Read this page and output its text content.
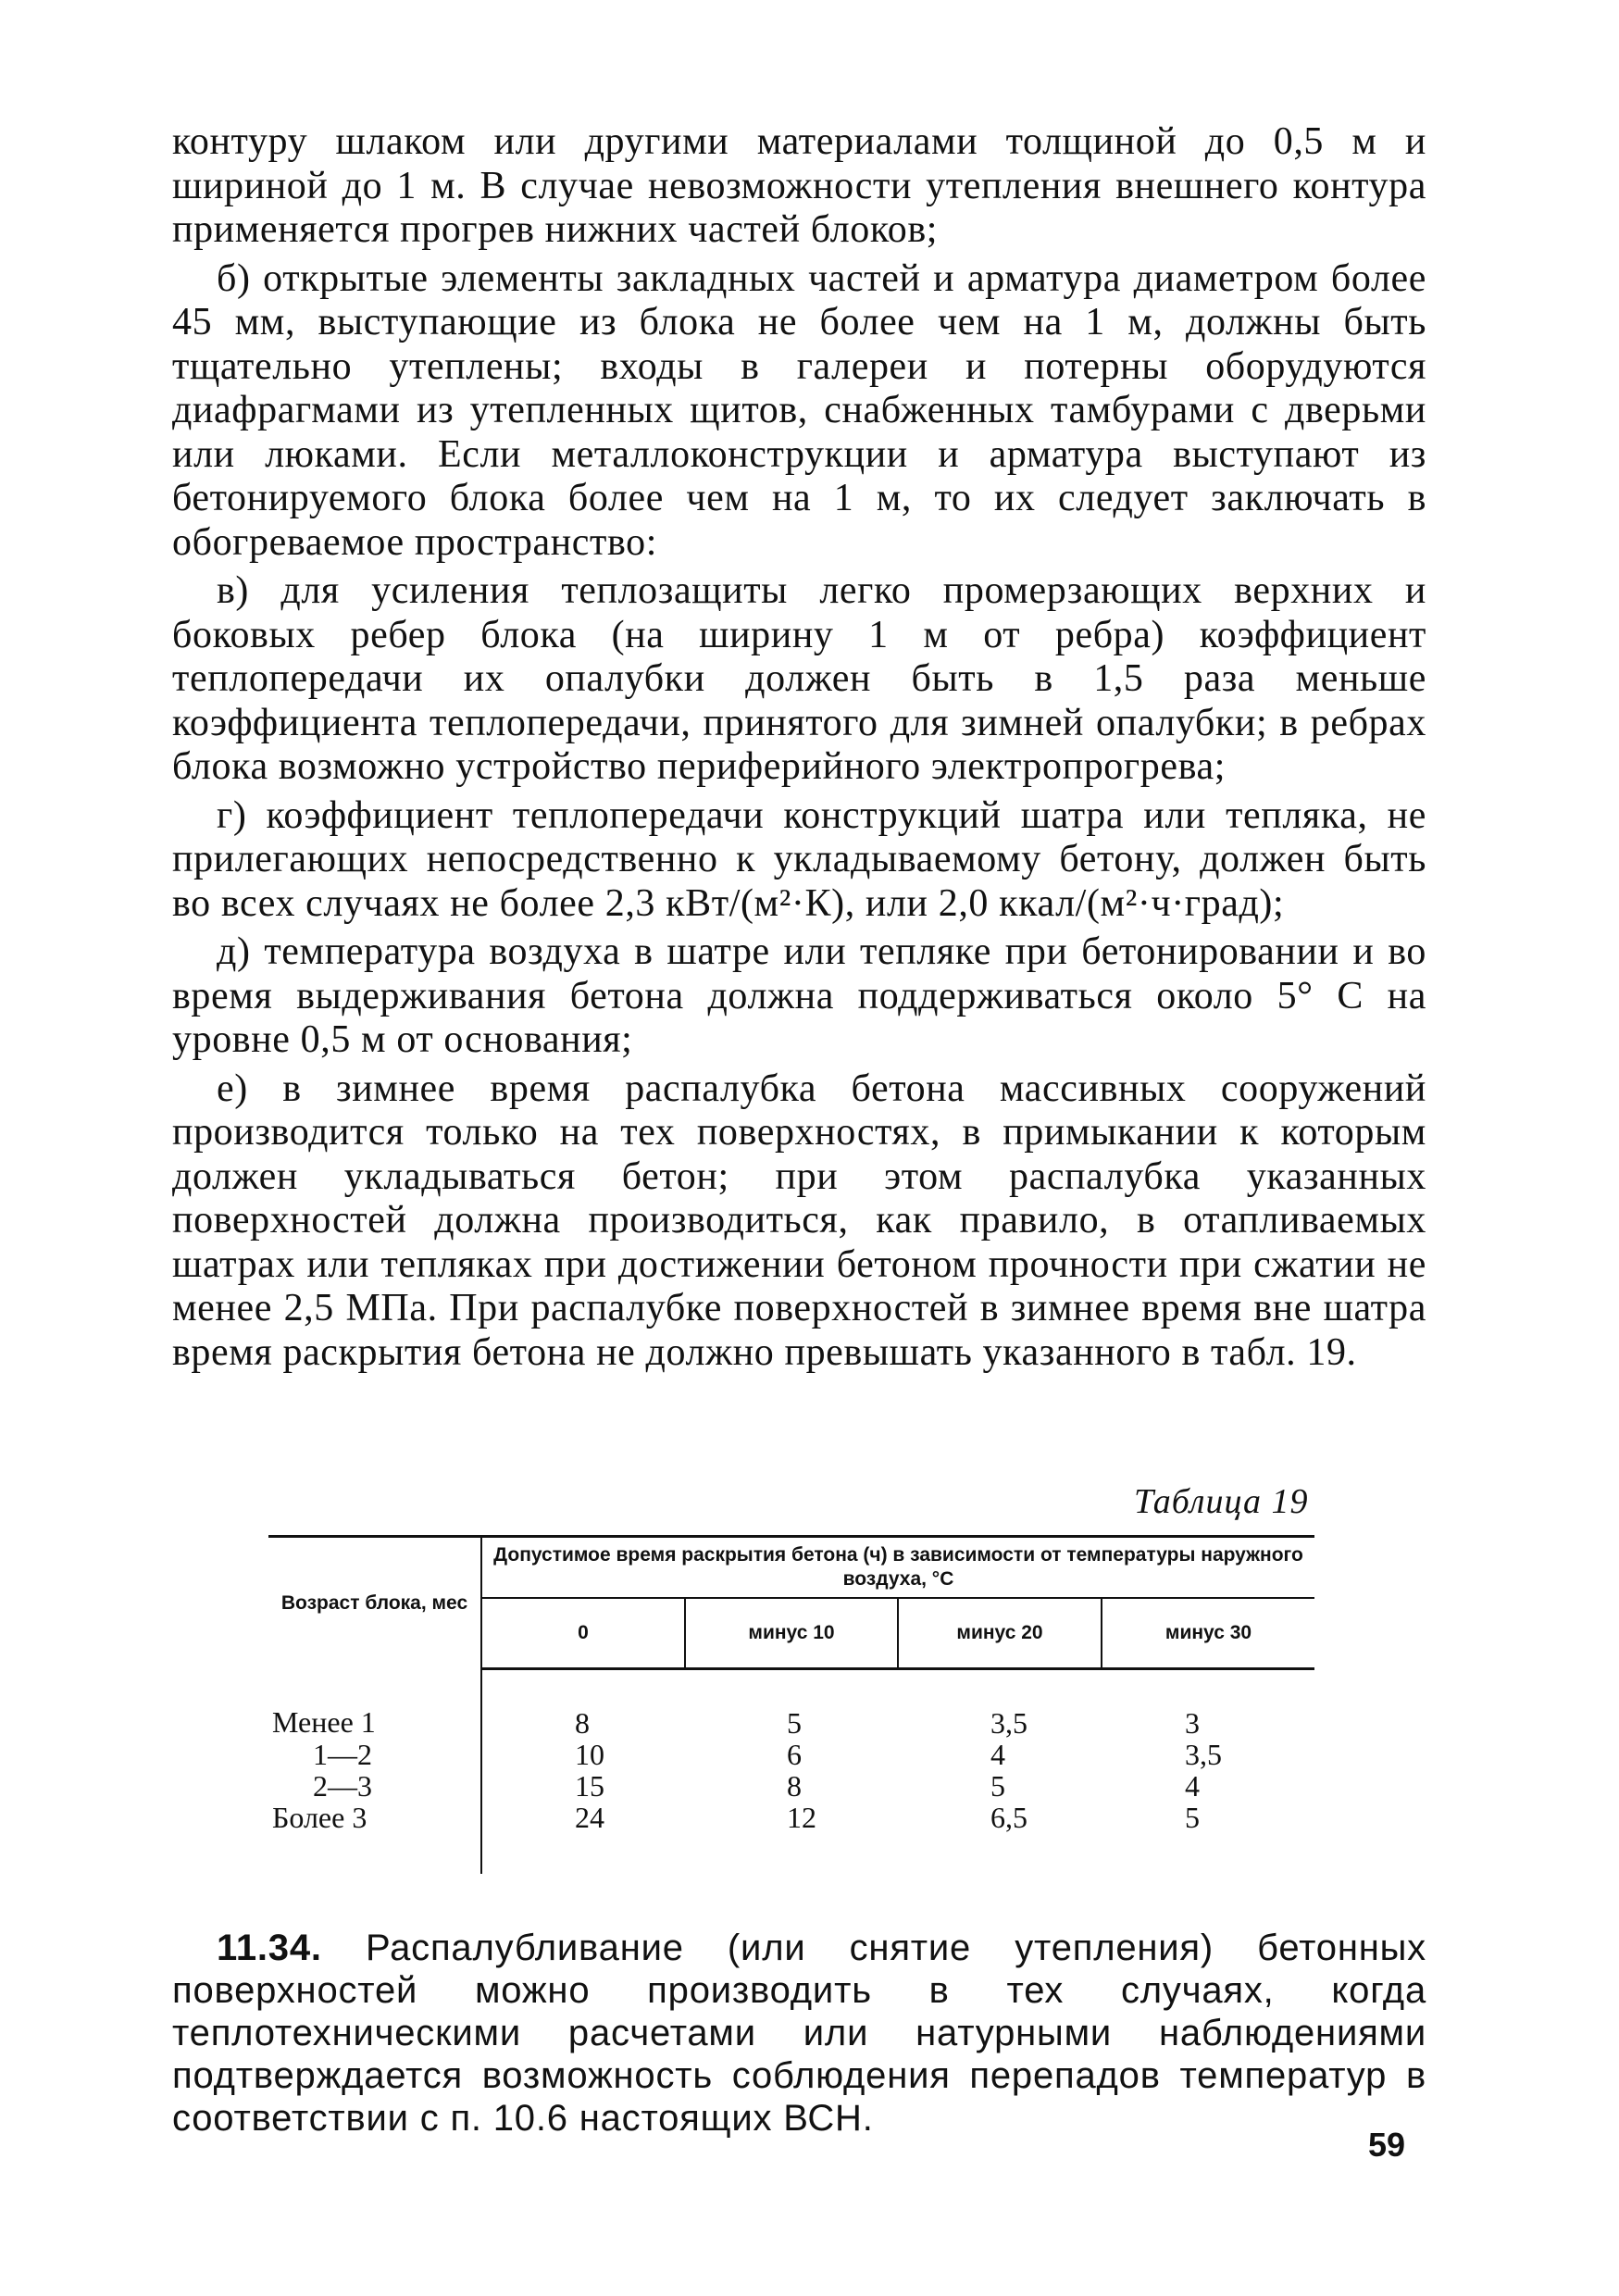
контуру шлаком или другими материалами толщиной до 0,5 м и шириной до 1 м. В случае невозможности утепления внешнего контура применяется прогрев нижних частей блоков;

б) открытые элементы закладных частей и арматура диаметром более 45 мм, выступающие из блока не более чем на 1 м, должны быть тщательно утеплены; входы в галереи и потерны оборудуются диафрагмами из утепленных щитов, снабженных тамбурами с дверьми или люками. Если металлоконструкции и арматура выступают из бетонируемого блока более чем на 1 м, то их следует заключать в обогреваемое пространство:

в) для усиления теплозащиты легко промерзающих верхних и боковых ребер блока (на ширину 1 м от ребра) коэффициент теплопередачи их опалубки должен быть в 1,5 раза меньше коэффициента теплопередачи, принятого для зимней опалубки; в ребрах блока возможно устройство периферийного электропрогрева;

г) коэффициент теплопередачи конструкций шатра или тепляка, не прилегающих непосредственно к укладываемому бетону, должен быть во всех случаях не более 2,3 кВт/(м²·К), или 2,0 ккал/(м²·ч·град);

д) температура воздуха в шатре или тепляке при бетонировании и во время выдерживания бетона должна поддерживаться около 5° С на уровне 0,5 м от основания;

е) в зимнее время распалубка бетона массивных сооружений производится только на тех поверхностях, в примыкании к которым должен укладываться бетон; при этом распалубка указанных поверхностей должна производиться, как правило, в отапливаемых шатрах или тепляках при достижении бетоном прочности при сжатии не менее 2,5 МПа. При распалубке поверхностей в зимнее время вне шатра время раскрытия бетона не должно превышать указанного в табл. 19.

Таблица 19
Возраст блока, мес	Допустимое время раскрытия бетона (ч) в зависимости от температуры наружного воздуха, °С			
	0	минус 10	минус 20	минус 30
Менее 1	8	5	3,5	3
1—2	10	6	4	3,5
2—3	15	8	5	4
Более 3	24	12	6,5	5

11.34. Распалубливание (или снятие утепления) бетонных поверхностей можно производить в тех случаях, когда теплотехническими расчетами или натурными наблюдениями подтверждается возможность соблюдения перепадов температур в соответствии с п. 10.6 настоящих ВСН.

59
